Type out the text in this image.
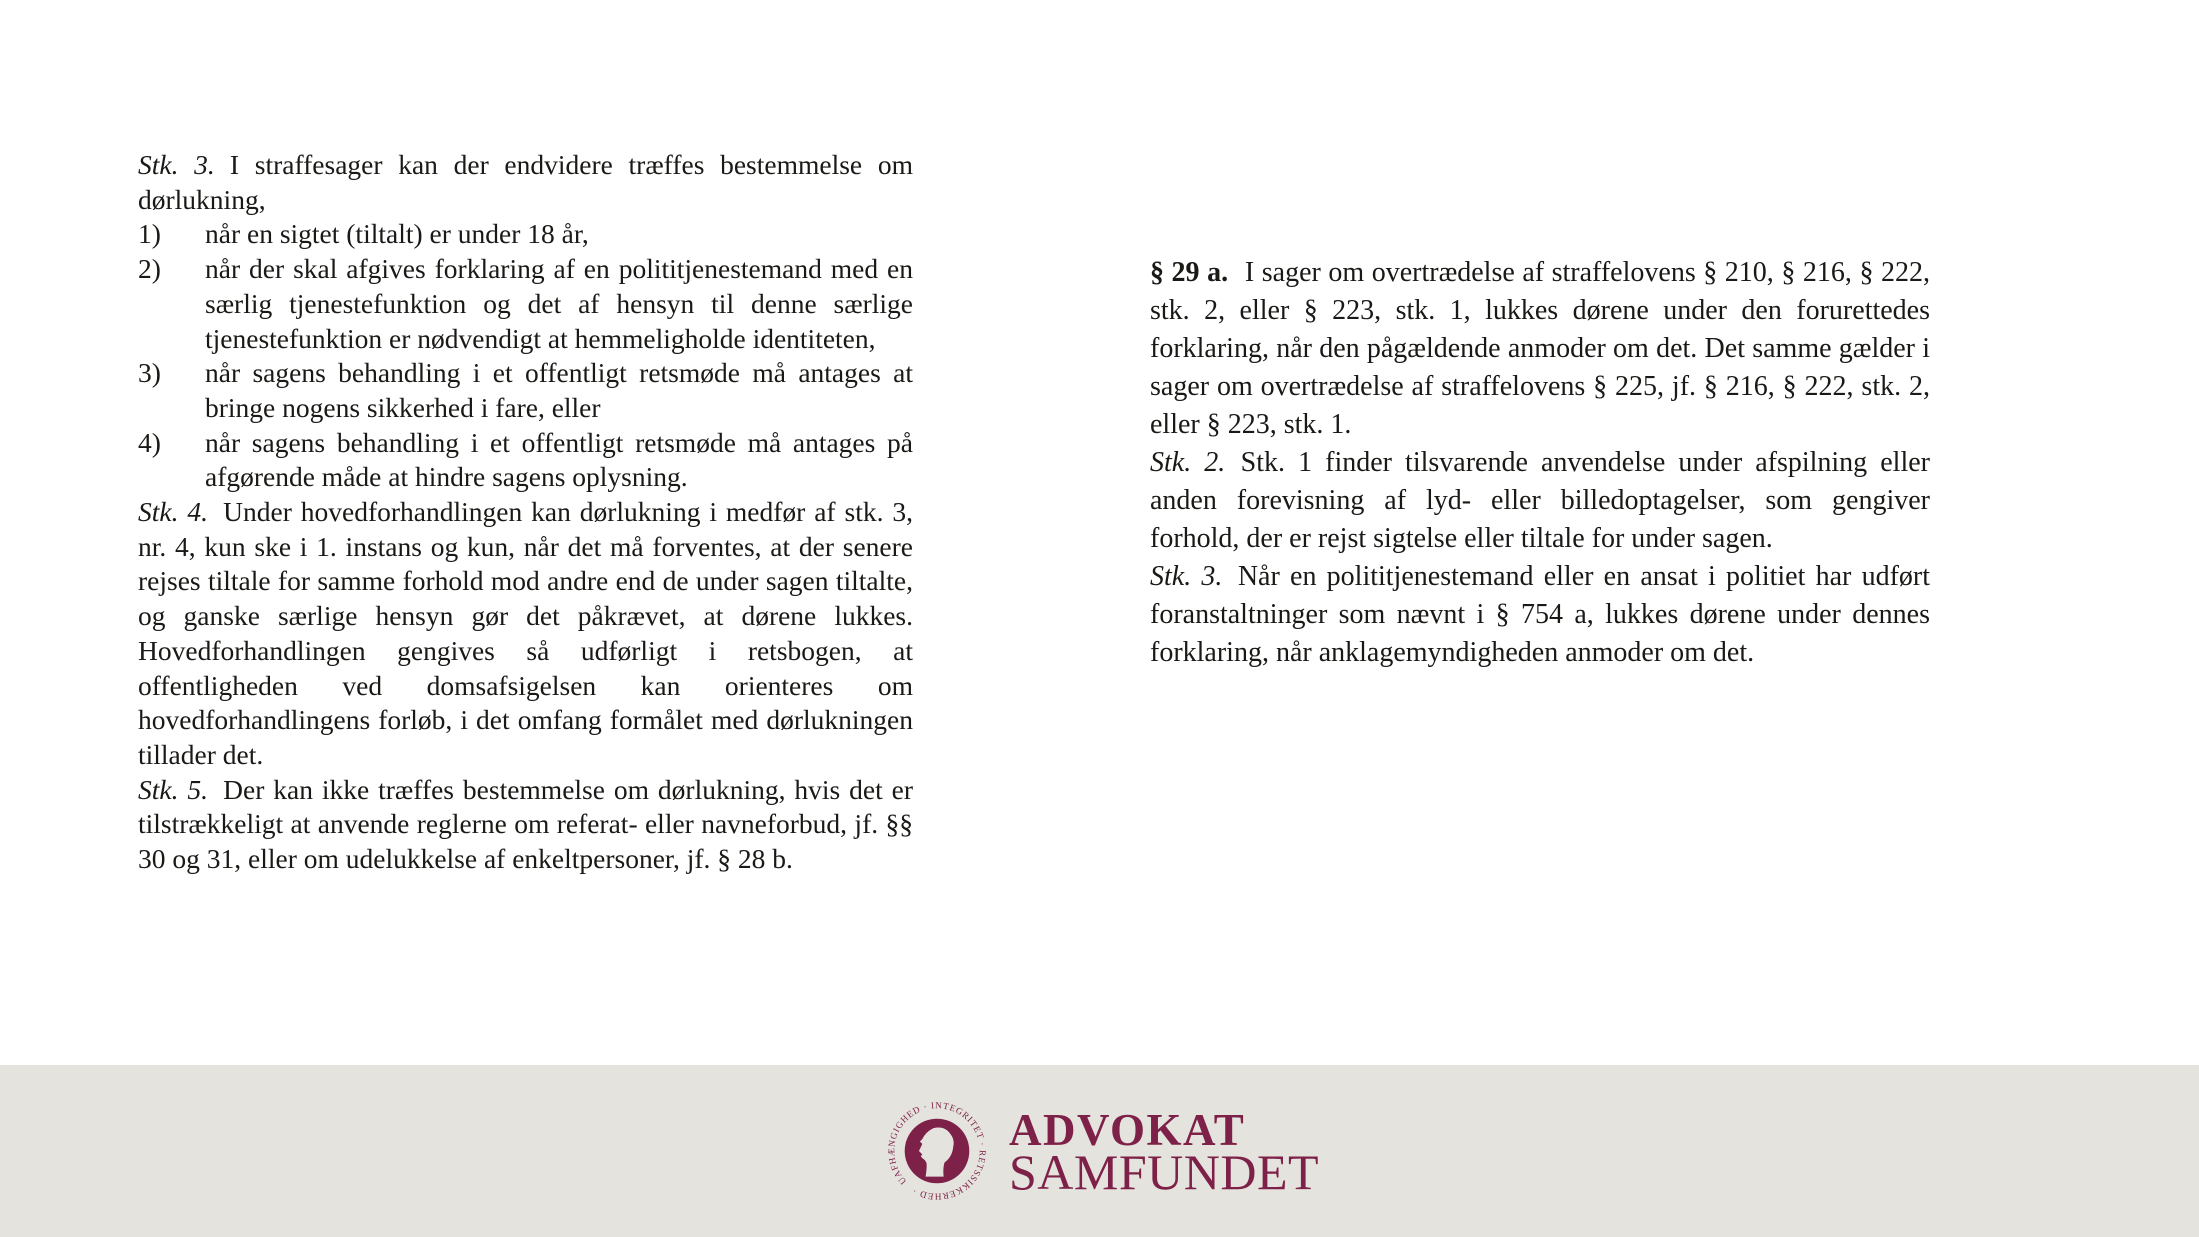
Stk. 3. I straffesager kan der endvidere træffes bestemmelse om dørlukning,

1)	når en sigtet (tiltalt) er under 18 år,
2)	når der skal afgives forklaring af en polititjenestemand med en særlig tjenestefunktion og det af hensyn til denne særlige tjenestefunktion er nødvendigt at hemmeligholde identiteten,
3)	når sagens behandling i et offentligt retsmøde må antages at bringe nogens sikkerhed i fare, eller
4)	når sagens behandling i et offentligt retsmøde må antages på afgørende måde at hindre sagens oplysning.

Stk. 4. Under hovedforhandlingen kan dørlukning i medfør af stk. 3, nr. 4, kun ske i 1. instans og kun, når det må forventes, at der senere rejses tiltale for samme forhold mod andre end de under sagen tiltalte, og ganske særlige hensyn gør det påkrævet, at dørene lukkes. Hovedforhandlingen gengives så udførligt i retsbogen, at offentligheden ved domsafsigelsen kan orienteres om hovedforhandlingens forløb, i det omfang formålet med dørlukningen tillader det.

Stk. 5. Der kan ikke træffes bestemmelse om dørlukning, hvis det er tilstrækkeligt at anvende reglerne om referat- eller navneforbud, jf. §§ 30 og 31, eller om udelukkelse af enkeltpersoner, jf. § 28 b.

§ 29 a. I sager om overtrædelse af straffelovens § 210, § 216, § 222, stk. 2, eller § 223, stk. 1, lukkes dørene under den forurettedes forklaring, når den pågældende anmoder om det. Det samme gælder i sager om overtrædelse af straffelovens § 225, jf. § 216, § 222, stk. 2, eller § 223, stk. 1.

Stk. 2. Stk. 1 finder tilsvarende anvendelse under afspilning eller anden forevisning af lyd- eller billedoptagelser, som gengiver forhold, der er rejst sigtelse eller tiltale for under sagen.

Stk. 3. Når en polititjenestemand eller en ansat i politiet har udført foranstaltninger som nævnt i § 754 a, lukkes dørene under dennes forklaring, når anklagemyndigheden anmoder om det.

UAFHÆNGIGHED · INTEGRITET · RETSSIKKERHED ·
ADVOKAT
SAMFUNDET
